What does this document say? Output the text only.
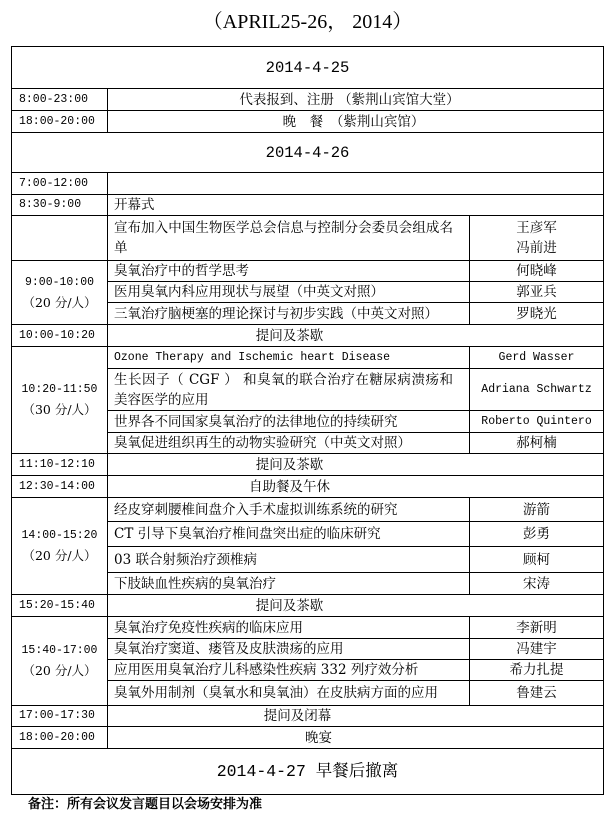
（APRIL25-26， 2014）
2014-4-25		
8:00-23:00	代表报到、注册 （紫荆山宾馆大堂）	
18:00-20:00	晚　餐　（紫荆山宾馆）	
2014-4-26		
7:00-12:00		
8:30-9:00	开幕式	
	宣布加入中国生物医学总会信息与控制分会委员会组成名单	王彦军
冯前进

9:00-10:00
（20 分/人）	臭氧治疗中的哲学思考	何晓峰
	医用臭氧内科应用现状与展望（中英文对照）	郭亚兵
	三氧治疗脑梗塞的理论探讨与初步实践（中英文对照）	罗晓光
10:00-10:20	提问及茶歇	

10:20-11:50
（30 分/人）	Ozone Therapy and Ischemic heart Disease	Gerd Wasser
	生长因子（ CGF ） 和臭氧的联合治疗在糖尿病溃疡和美容医学的应用	Adriana Schwartz
	世界各不同国家臭氧治疗的法律地位的持续研究	Roberto Quintero
	臭氧促进组织再生的动物实验研究（中英文对照）	郝柯楠
11:10-12:10	提问及茶歇	
12:30-14:00	自助餐及午休	

14:00-15:20
（20 分/人）	经皮穿刺腰椎间盘介入手术虚拟训练系统的研究	游箭
	CT 引导下臭氧治疗椎间盘突出症的临床研究	彭勇
	03 联合射频治疗颈椎病	顾柯
	下肢缺血性疾病的臭氧治疗	宋涛
15:20-15:40	提问及茶歇	

15:40-17:00
（20 分/人）	臭氧治疗免疫性疾病的临床应用	李新明
	臭氧治疗窦道、瘘管及皮肤溃疡的应用	冯建宇
	应用医用臭氧治疗儿科感染性疾病 332 列疗效分析	希力扎提
	臭氧外用制剂（臭氧水和臭氧油）在皮肤病方面的应用	鲁建云
17:00-17:30	提问及闭幕	
18:00-20:00	晚宴	
2014-4-27 早餐后撤离		
备注：所有会议发言题目以会场安排为准
